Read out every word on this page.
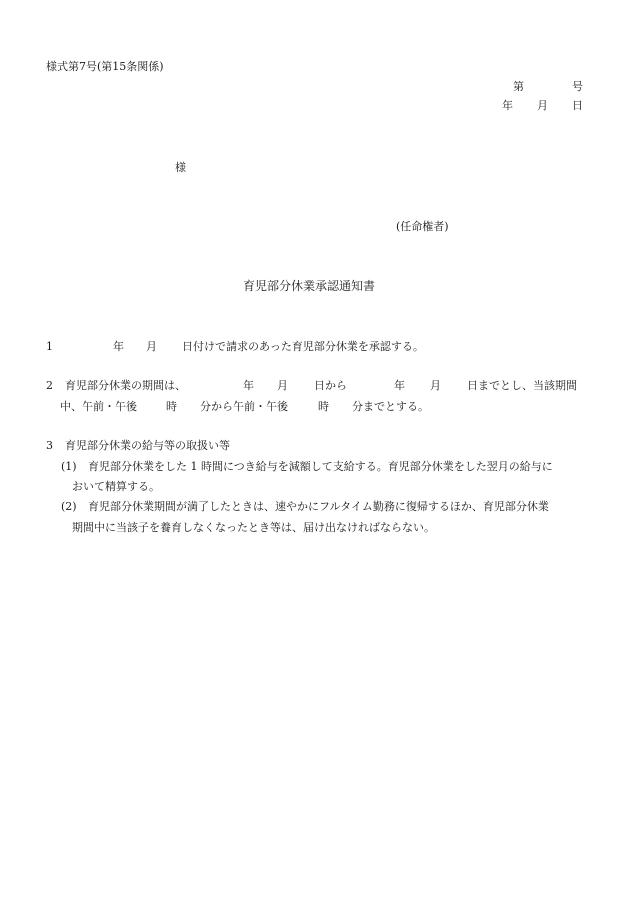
様式第7号(第15条関係)
第	号
年 月 日
様
(任命権者)
育児部分休業承認通知書
1	年 月 日付けで請求のあった育児部分休業を承認する。
2 育児部分休業の期間は、	年 月 日から	年 月 日までとし、当該期間
中、午前・午後	時 分から午前・午後	時 分までとする。
3 育児部分休業の給与等の取扱い等
(1) 育児部分休業をした 1 時間につき給与を減額して支給する。育児部分休業をした翌月の給与に
おいて精算する。
(2) 育児部分休業期間が満了したときは、速やかにフルタイム勤務に復帰するほか、育児部分休業
期間中に当該子を養育しなくなったとき等は、届け出なければならない。
